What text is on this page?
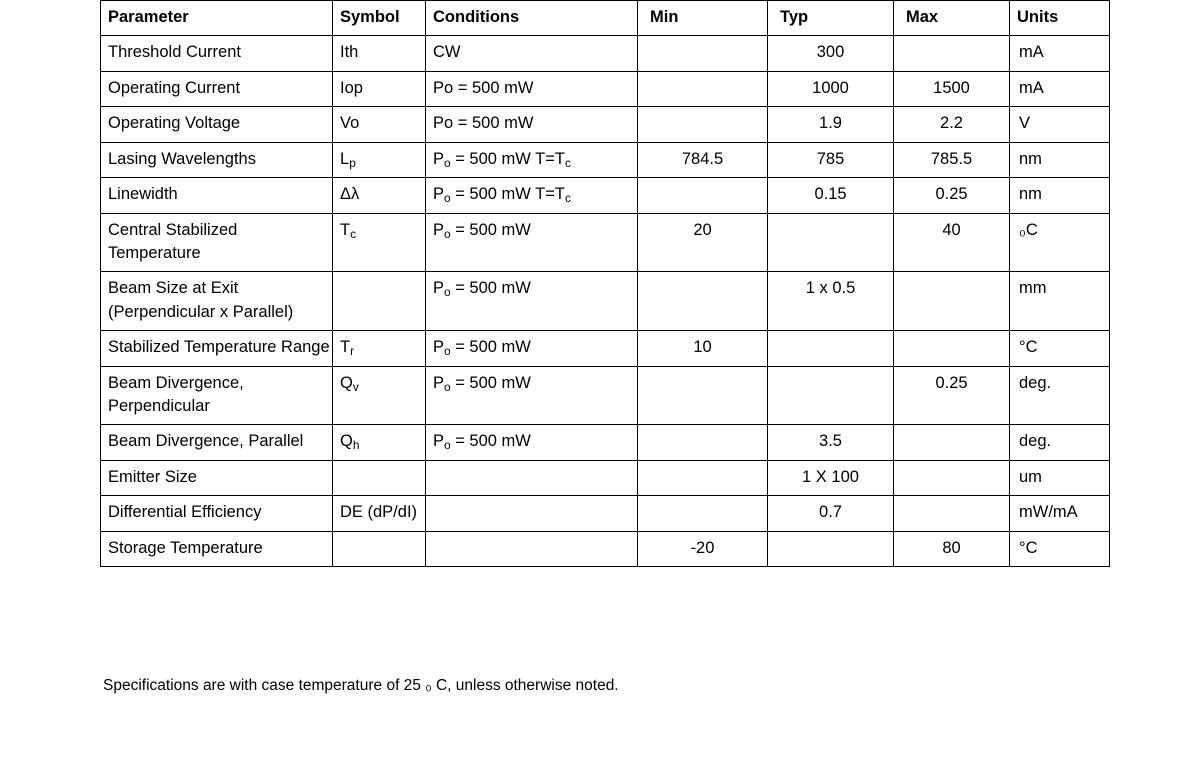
Parameter	Symbol	Conditions	Min	Typ	Max	Units
Threshold Current	Ith	CW		300		mA
Operating Current	Iop	Po = 500 mW		1000	1500	mA
Operating Voltage	Vo	Po = 500 mW		1.9	2.2	V
Lasing Wavelengths	$L_p$	$P_o = 500$ mW $T=T_c$	784.5	785	785.5	nm
Linewidth	Δλ	$P_o = 500$ mW $T=T_c$		0.15	0.25	nm
Central Stabilized Temperature	$T_c$	$P_o = 500$ mW	20		40	₀C
Beam Size at Exit (Perpendicular x Parallel)		$P_o = 500$ mW		1 x 0.5		mm
Stabilized Temperature Range	$T_r$	$P_o = 500$ mW	10			°C
Beam Divergence, Perpendicular	$Q_v$	$P_o = 500$ mW			0.25	deg.
Beam Divergence, Parallel	$Q_h$	$P_o = 500$ mW		3.5		deg.
Emitter Size				1 X 100		um
Differential Efficiency	DE (dP/dI)			0.7		mW/mA
Storage Temperature			-20		80	°C
Specifications are with case temperature of 25 ₀ C, unless otherwise noted.
